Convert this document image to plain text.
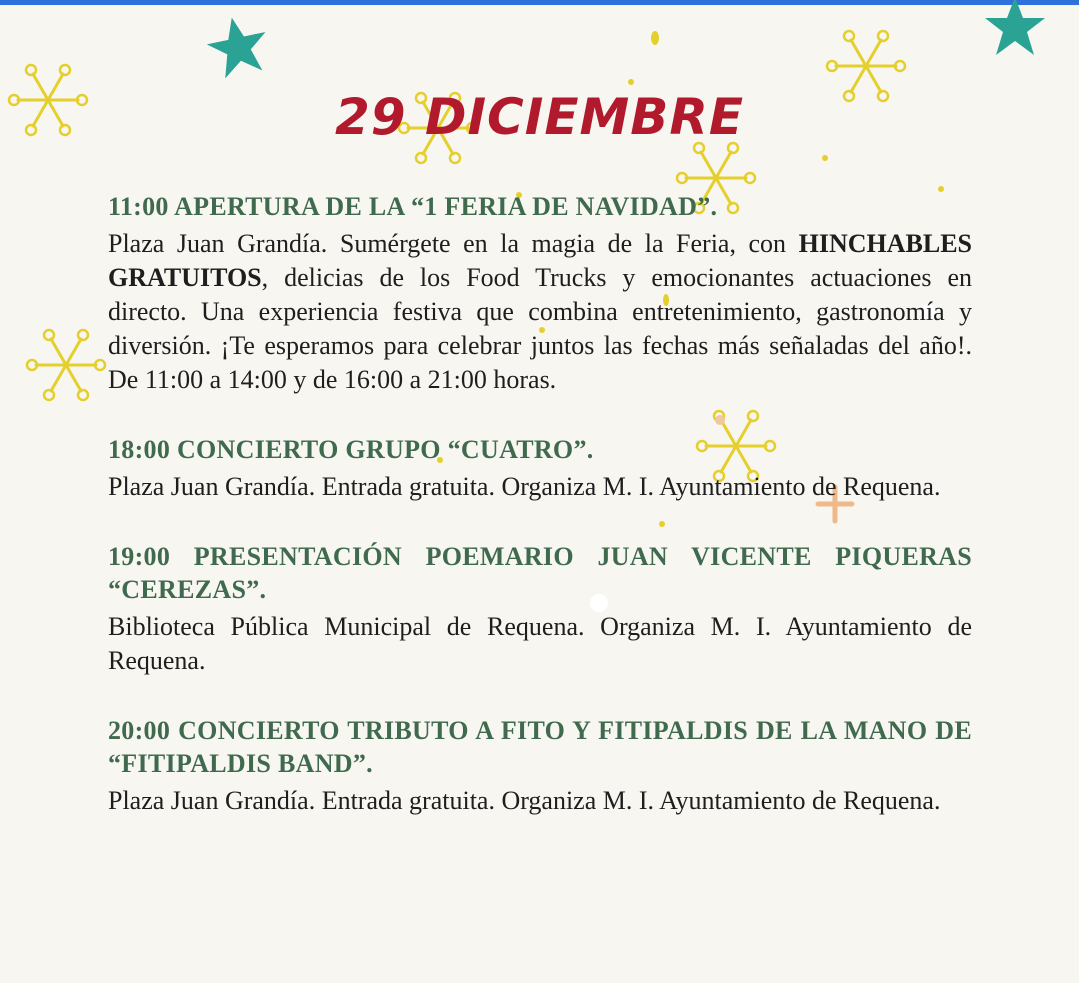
29 DICIEMBRE

11:00 APERTURA DE LA “1 FERIA DE NAVIDAD”.

Plaza Juan Grandía. Sumérgete en la magia de la Feria, con HINCHABLES GRATUITOS, delicias de los Food Trucks y emocionantes actuaciones en directo. Una experiencia festiva que combina entretenimiento, gastronomía y diversión. ¡Te esperamos para celebrar juntos las fechas más señaladas del año!. De 11:00 a 14:00 y de 16:00 a 21:00 horas.

18:00 CONCIERTO GRUPO “CUATRO”.

Plaza Juan Grandía. Entrada gratuita. Organiza M. I. Ayuntamiento de Requena.

19:00 PRESENTACIÓN POEMARIO JUAN VICENTE PIQUERAS “CEREZAS”.

Biblioteca Pública Municipal de Requena. Organiza M. I. Ayuntamiento de Requena.

20:00 CONCIERTO TRIBUTO A FITO Y FITIPALDIS DE LA MANO DE “FITIPALDIS BAND”.

Plaza Juan Grandía. Entrada gratuita. Organiza M. I. Ayuntamiento de Requena.
